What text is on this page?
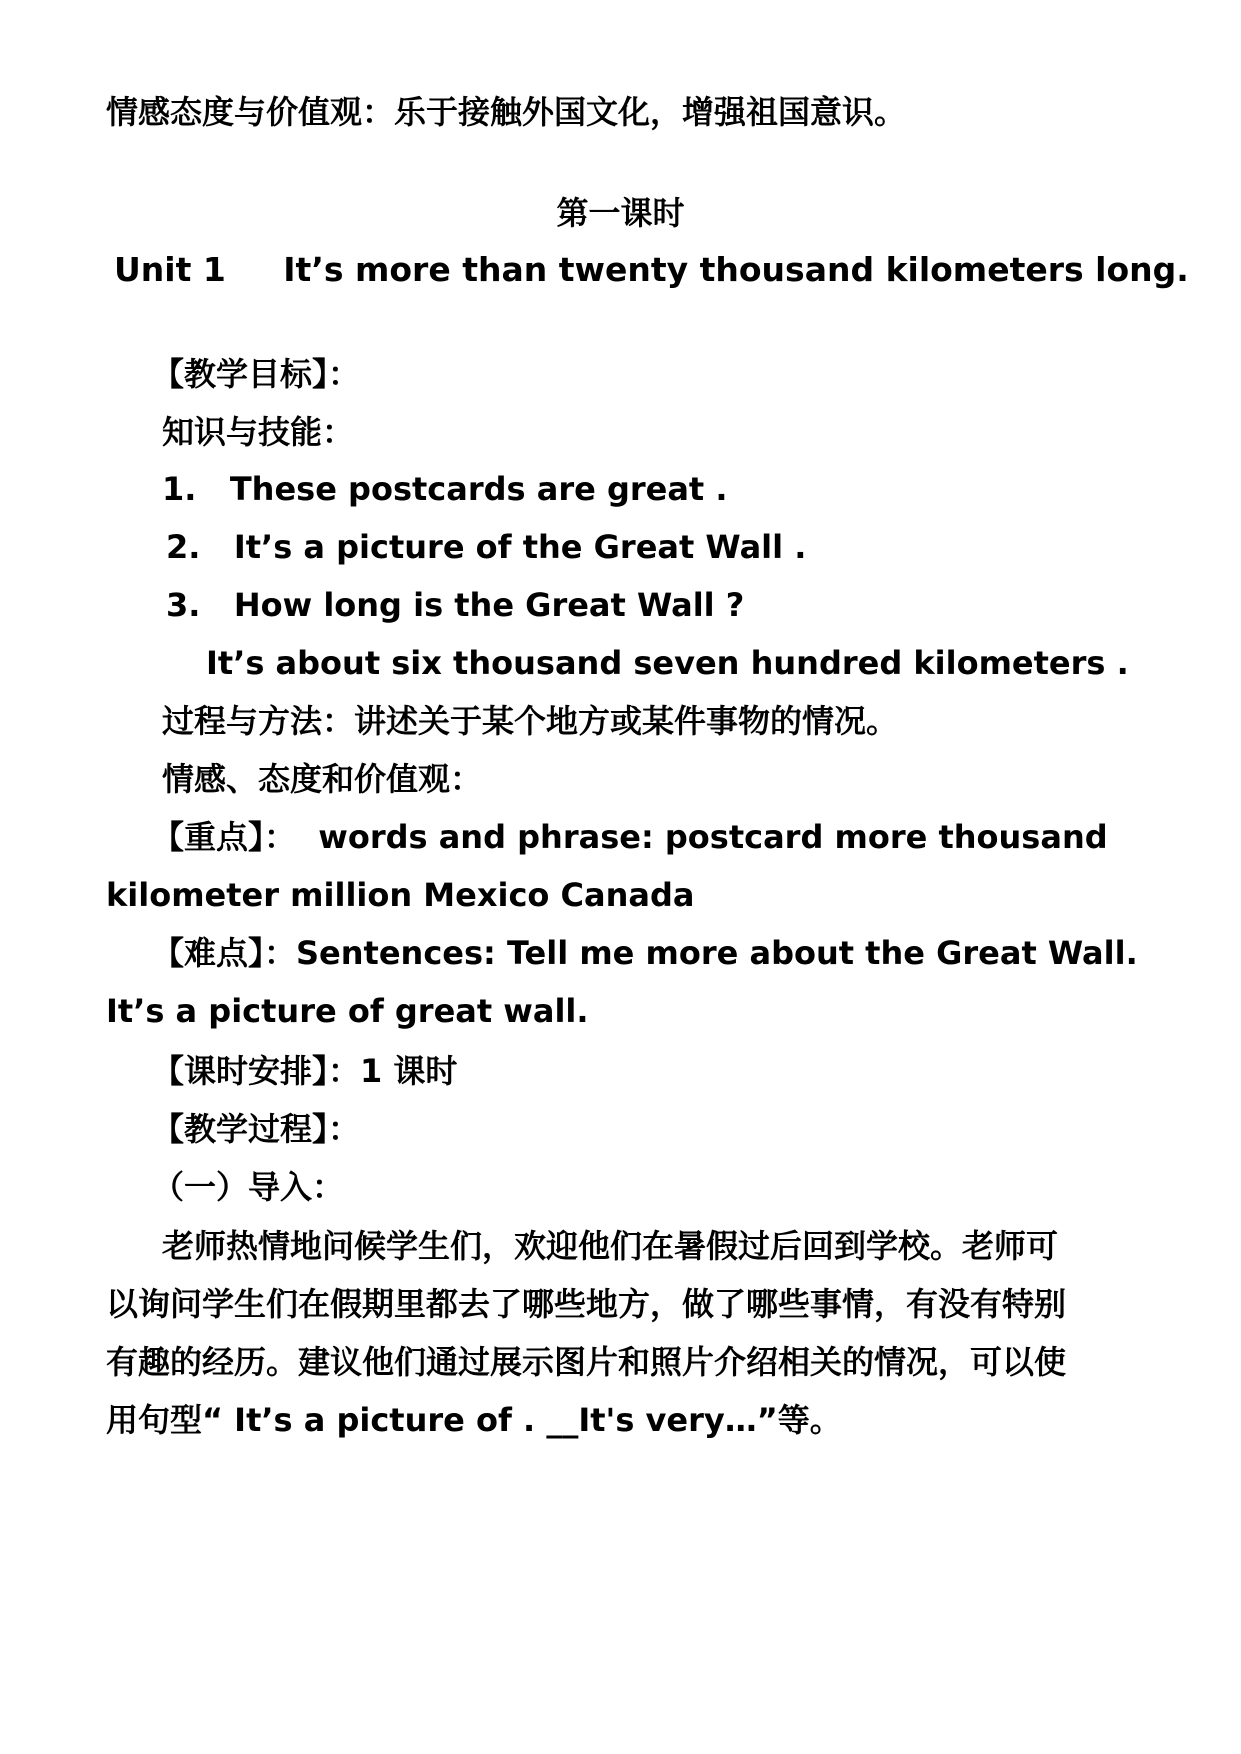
情感态度与价值观：乐于接触外国文化，增强祖国意识。
第一课时
Unit 1     It’s more than twenty thousand kilometers long.
【教学目标】：
知识与技能：
1.   These postcards are great .
2.   It’s a picture of the Great Wall .
3.   How long is the Great Wall ?
It’s about six thousand seven hundred kilometers .
过程与方法：讲述关于某个地方或某件事物的情况。
情感、态度和价值观：
【重点】：  words and phrase: postcard more thousand
kilometer million Mexico Canada
【难点】：Sentences: Tell me more about the Great Wall.
It’s a picture of great wall.
【课时安排】：1 课时
【教学过程】：
（一）导入：
老师热情地问候学生们，欢迎他们在暑假过后回到学校。老师可
以询问学生们在假期里都去了哪些地方，做了哪些事情，有没有特别
有趣的经历。建议他们通过展示图片和照片介绍相关的情况，可以使
用句型“ It’s a picture of . __It's very…”等。
